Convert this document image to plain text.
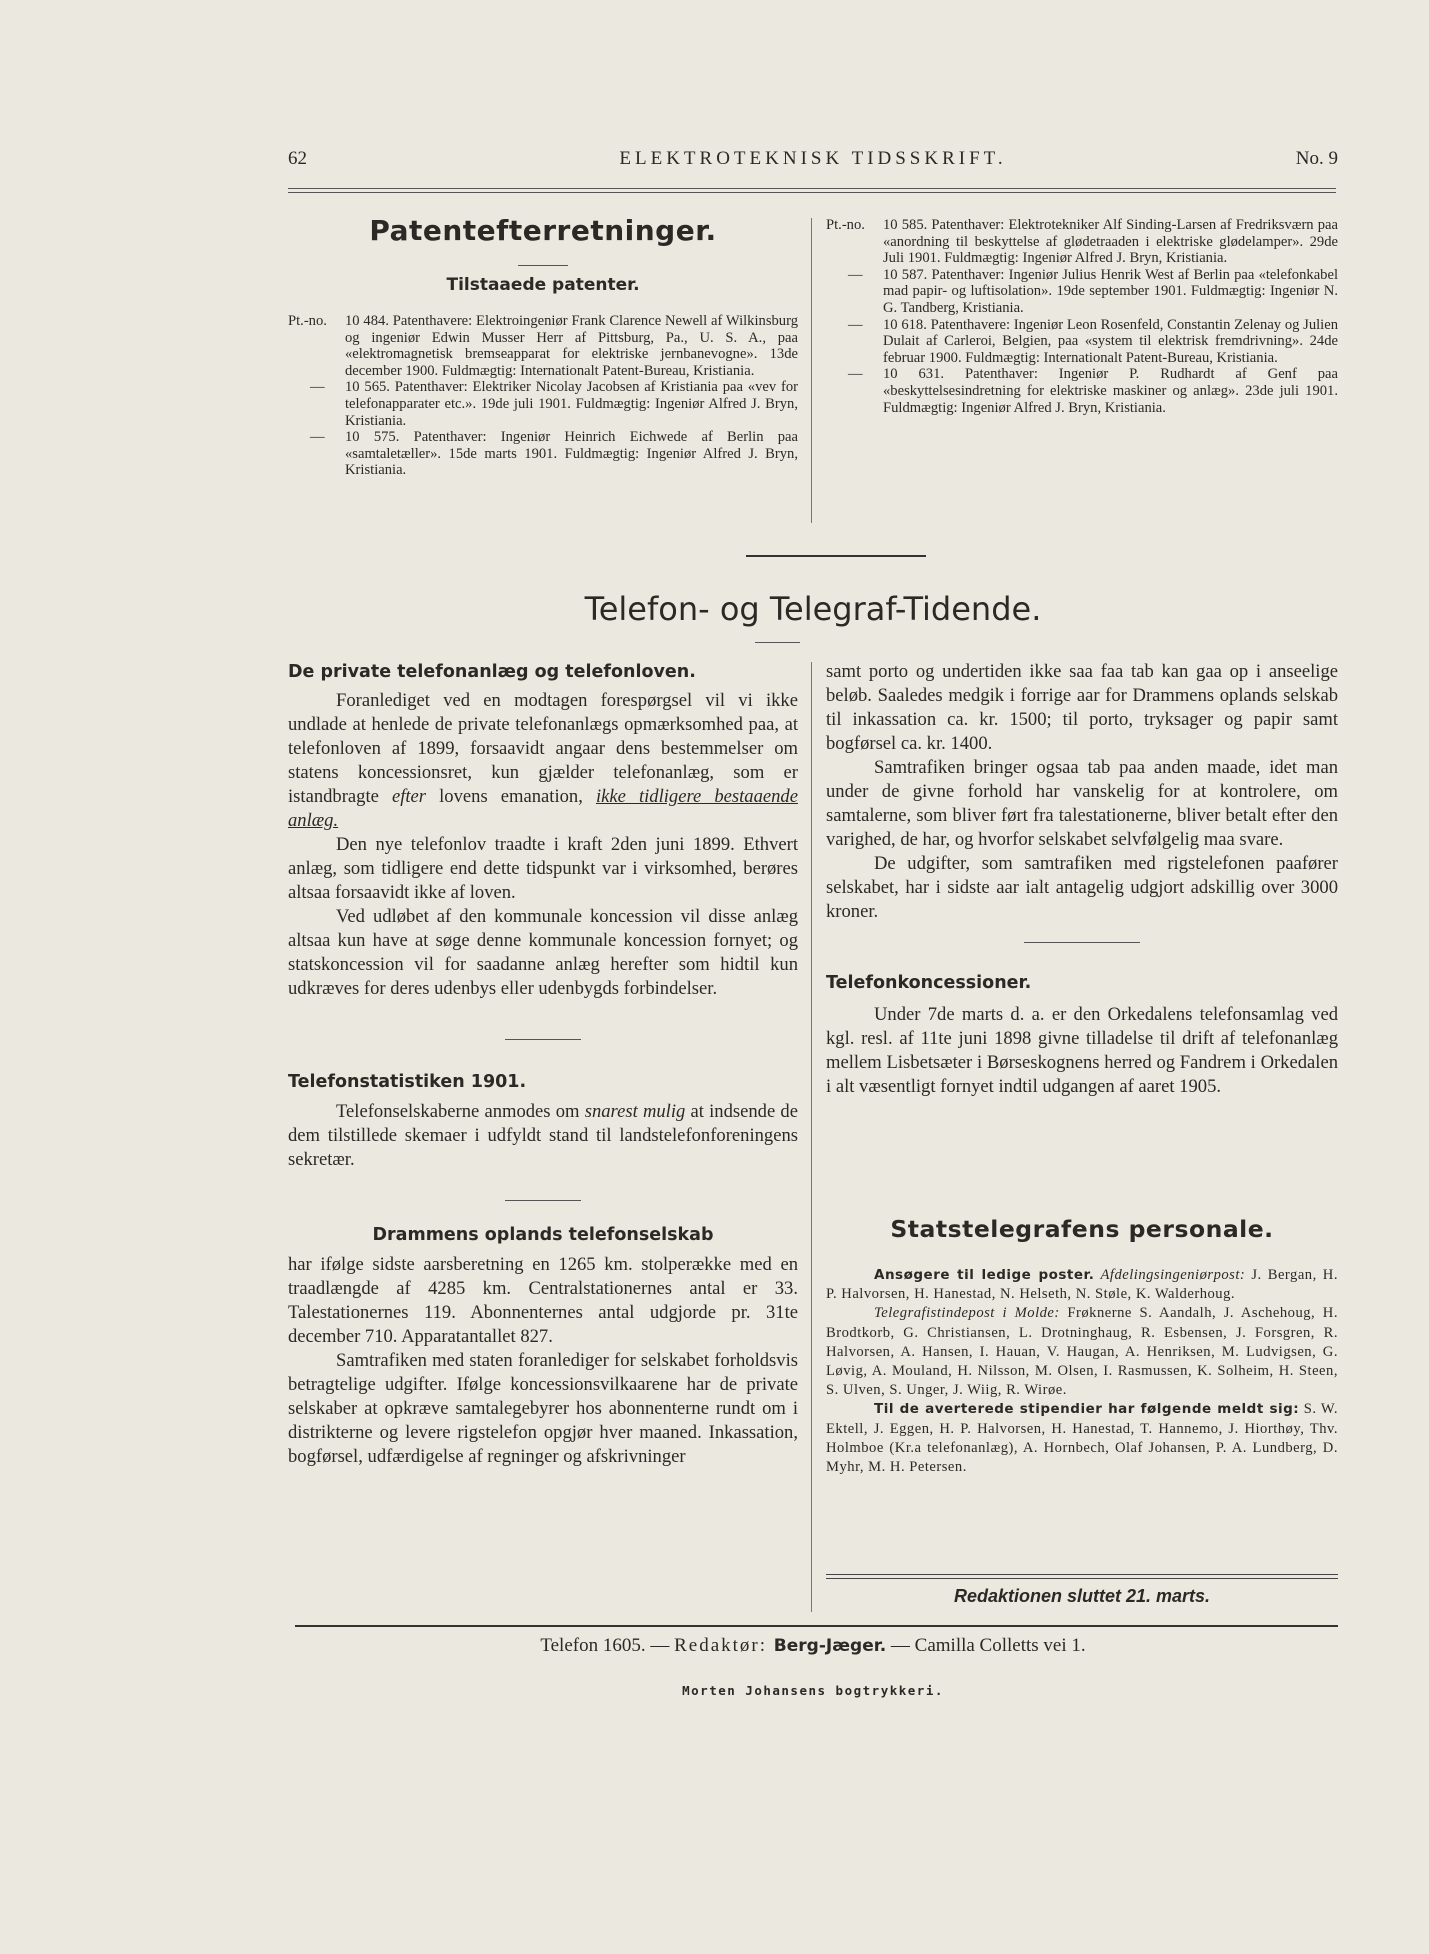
62	ELEKTROTEKNISK TIDSSKRIFT.	No. 9
Patentefterretninger.
Tilstaaede patenter.

Pt.-no. 10 484. Patenthavere: Elektroingeniør Frank Clarence Newell af Wilkinsburg og ingeniør Edwin Musser Herr af Pittsburg, Pa., U. S. A., paa «elektromagnetisk bremseapparat for elektriske jernbanevogne». 13de december 1900. Fuldmægtig: Internationalt Patent-Bureau, Kristiania.

— 10 565. Patenthaver: Elektriker Nicolay Jacobsen af Kristiania paa «vev for telefonapparater etc.». 19de juli 1901. Fuldmægtig: Ingeniør Alfred J. Bryn, Kristiania.

— 10 575. Patenthaver: Ingeniør Heinrich Eichwede af Berlin paa «samtaletæller». 15de marts 1901. Fuldmægtig: Ingeniør Alfred J. Bryn, Kristiania.

Pt.-no. 10 585. Patenthaver: Elektrotekniker Alf Sinding-Larsen af Fredriksværn paa «anordning til beskyttelse af glødetraaden i elektriske glødelamper». 29de Juli 1901. Fuldmægtig: Ingeniør Alfred J. Bryn, Kristiania.

— 10 587. Patenthaver: Ingeniør Julius Henrik West af Berlin paa «telefonkabel mad papir- og luftisolation». 19de september 1901. Fuldmægtig: Ingeniør N. G. Tandberg, Kristiania.

— 10 618. Patenthavere: Ingeniør Leon Rosenfeld, Constantin Zelenay og Julien Dulait af Carleroi, Belgien, paa «system til elektrisk fremdrivning». 24de februar 1900. Fuldmægtig: Internationalt Patent-Bureau, Kristiania.

— 10 631. Patenthaver: Ingeniør P. Rudhardt af Genf paa «beskyttelsesindretning for elektriske maskiner og anlæg». 23de juli 1901. Fuldmægtig: Ingeniør Alfred J. Bryn, Kristiania.

Telefon- og Telegraf-Tidende.

De private telefonanlæg og telefonloven.

Foranlediget ved en modtagen forespørgsel vil vi ikke undlade at henlede de private telefonanlægs opmærksomhed paa, at telefonloven af 1899, forsaavidt angaar dens bestemmelser om statens koncessionsret, kun gjælder telefonanlæg, som er istandbragte efter lovens emanation, ikke tidligere bestaaende anlæg.

Den nye telefonlov traadte i kraft 2den juni 1899. Ethvert anlæg, som tidligere end dette tidspunkt var i virksomhed, berøres altsaa forsaavidt ikke af loven.

Ved udløbet af den kommunale koncession vil disse anlæg altsaa kun have at søge denne kommunale koncession fornyet; og statskoncession vil for saadanne anlæg herefter som hidtil kun udkræves for deres udenbys eller udenbygds forbindelser.

Telefonstatistiken 1901.

Telefonselskaberne anmodes om snarest mulig at indsende de dem tilstillede skemaer i udfyldt stand til landstelefonforeningens sekretær.

Drammens oplands telefonselskab

har ifølge sidste aarsberetning en 1265 km. stolperække med en traadlængde af 4285 km. Centralstationernes antal er 33. Talestationernes 119. Abonnenternes antal udgjorde pr. 31te december 710. Apparatantallet 827.

Samtrafiken med staten foranlediger for selskabet forholdsvis betragtelige udgifter. Ifølge koncessionsvilkaarene har de private selskaber at opkræve samtalegebyrer hos abonnenterne rundt om i distrikterne og levere rigstelefon opgjør hver maaned. Inkassation, bogførsel, udfærdigelse af regninger og afskrivninger

samt porto og undertiden ikke saa faa tab kan gaa op i anseelige beløb. Saaledes medgik i forrige aar for Drammens oplands selskab til inkassation ca. kr. 1500; til porto, tryksager og papir samt bogførsel ca. kr. 1400.

Samtrafiken bringer ogsaa tab paa anden maade, idet man under de givne forhold har vanskelig for at kontrolere, om samtalerne, som bliver ført fra talestationerne, bliver betalt efter den varighed, de har, og hvorfor selskabet selvfølgelig maa svare.

De udgifter, som samtrafiken med rigstelefonen paafører selskabet, har i sidste aar ialt antagelig udgjort adskillig over 3000 kroner.

Telefonkoncessioner.

Under 7de marts d. a. er den Orkedalens telefonsamlag ved kgl. resl. af 11te juni 1898 givne tilladelse til drift af telefonanlæg mellem Lisbetsæter i Børseskognens herred og Fandrem i Orkedalen i alt væsentligt fornyet indtil udgangen af aaret 1905.

Statstelegrafens personale.

Ansøgere til ledige poster. Afdelingsingeniørpost: J. Bergan, H. P. Halvorsen, H. Hanestad, N. Helseth, N. Støle, K. Walderhoug.

Telegrafistindepost i Molde: Frøknerne S. Aandalh, J. Aschehoug, H. Brodtkorb, G. Christiansen, L. Drotninghaug, R. Esbensen, J. Forsgren, R. Halvorsen, A. Hansen, I. Hauan, V. Haugan, A. Henriksen, M. Ludvigsen, G. Løvig, A. Mouland, H. Nilsson, M. Olsen, I. Rasmussen, K. Solheim, H. Steen, S. Ulven, S. Unger, J. Wiig, R. Wirøe.

Til de averterede stipendier har følgende meldt sig: S. W. Ektell, J. Eggen, H. P. Halvorsen, H. Hanestad, T. Hannemo, J. Hiorthøy, Thv. Holmboe (Kr.a telefonanlæg), A. Hornbech, Olaf Johansen, P. A. Lundberg, D. Myhr, M. H. Petersen.

Redaktionen sluttet 21. marts.
Telefon 1605. — Redaktør: Berg-Jæger. — Camilla Colletts vei 1.
Morten Johansens bogtrykkeri.
